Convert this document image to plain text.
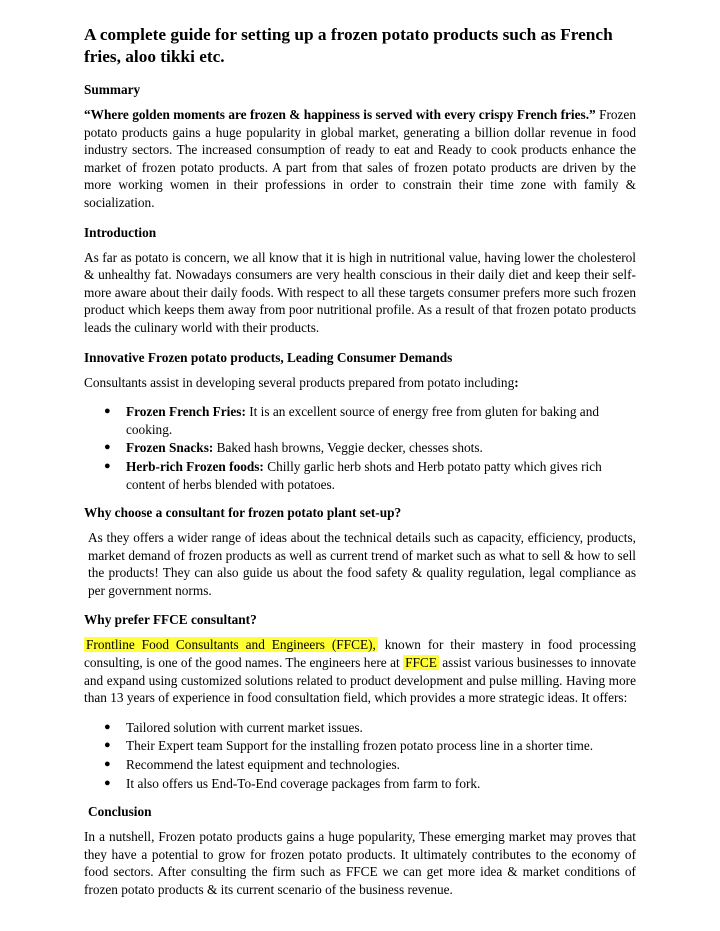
A complete guide for setting up a frozen potato products such as French fries, aloo tikki etc.
Summary

“Where golden moments are frozen & happiness is served with every crispy French fries.” Frozen potato products gains a huge popularity in global market, generating a billion dollar revenue in food industry sectors. The increased consumption of ready to eat and Ready to cook products enhance the market of frozen potato products. A part from that sales of frozen potato products are driven by the more working women in their professions in order to constrain their time zone with family & socialization.

Introduction

As far as potato is concern, we all know that it is high in nutritional value, having lower the cholesterol & unhealthy fat. Nowadays consumers are very health conscious in their daily diet and keep their self-more aware about their daily foods. With respect to all these targets consumer prefers more such frozen product which keeps them away from poor nutritional profile. As a result of that frozen potato products leads the culinary world with their products.

Innovative Frozen potato products, Leading Consumer Demands

Consultants assist in developing several products prepared from potato including:

● Frozen French Fries: It is an excellent source of energy free from gluten for baking and cooking.
● Frozen Snacks: Baked hash browns, Veggie decker, chesses shots.
● Herb-rich Frozen foods: Chilly garlic herb shots and Herb potato patty which gives rich content of herbs blended with potatoes.
Why choose a consultant for frozen potato plant set-up?

As they offers a wider range of ideas about the technical details such as capacity, efficiency, products, market demand of frozen products as well as current trend of market such as what to sell & how to sell the products! They can also guide us about the food safety & quality regulation, legal compliance as per government norms.

Why prefer FFCE consultant?

Frontline Food Consultants and Engineers (FFCE), known for their mastery in food processing consulting, is one of the good names. The engineers here at FFCE assist various businesses to innovate and expand using customized solutions related to product development and pulse milling. Having more than 13 years of experience in food consultation field, which provides a more strategic ideas. It offers:

● Tailored solution with current market issues.
● Their Expert team Support for the installing frozen potato process line in a shorter time.
● Recommend the latest equipment and technologies.
● It also offers us End-To-End coverage packages from farm to fork.
Conclusion

In a nutshell, Frozen potato products gains a huge popularity, These emerging market may proves that they have a potential to grow for frozen potato products. It ultimately contributes to the economy of food sectors. After consulting the firm such as FFCE we can get more idea & market conditions of frozen potato products & its current scenario of the business revenue.
